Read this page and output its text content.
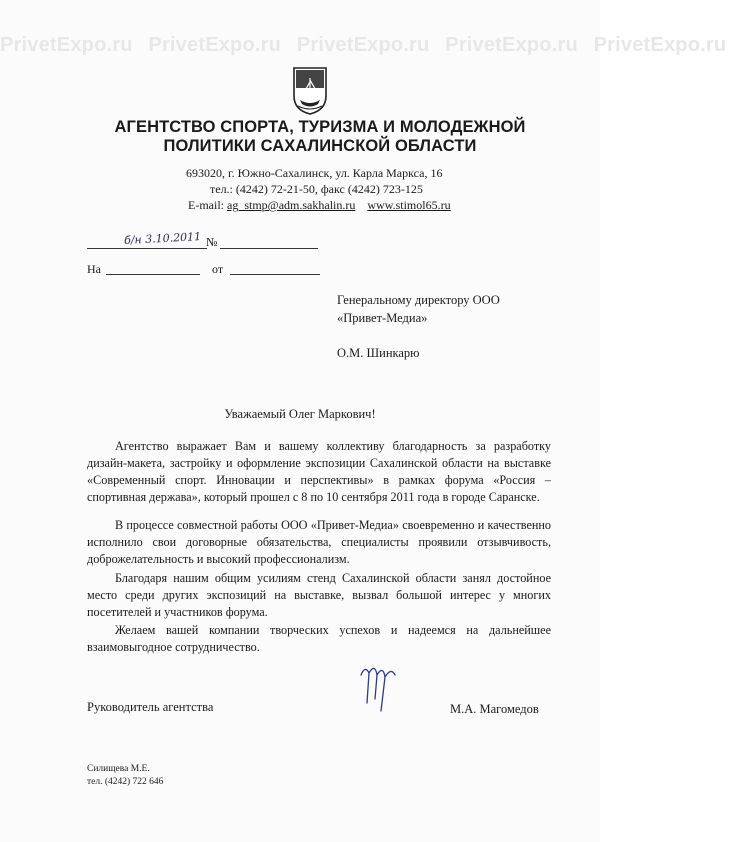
PrivetExpo.ru PrivetExpo.ru PrivetExpo.ru PrivetExpo.ru PrivetExpo.ru
АГЕНТСТВО СПОРТА, ТУРИЗМА И МОЛОДЕЖНОЙ
ПОЛИТИКИ САХАЛИНСКОЙ ОБЛАСТИ
693020, г. Южно-Сахалинск, ул. Карла Маркса, 16
тел.: (4242) 72-21-50, факс (4242) 723-125
E-mail: ag_stmp@adm.sakhalin.ru www.stimol65.ru
б/н 3.10.2011 №
На	от
Генеральному директору ООО
«Привет-Медиа»
О.М. Шинкарю
Уважаемый Олег Маркович!

Агентство выражает Вам и вашему коллективу благодарность за разработку дизайн-макета, застройку и оформление экспозиции Сахалинской области на выставке «Современный спорт. Инновации и перспективы» в рамках форума «Россия – спортивная держава», который прошел с 8 по 10 сентября 2011 года в городе Саранске.

В процессе совместной работы ООО «Привет-Медиа» своевременно и качественно исполнило свои договорные обязательства, специалисты проявили отзывчивость, доброжелательность и высокий профессионализм.

Благодаря нашим общим усилиям стенд Сахалинской области занял достойное место среди других экспозиций на выставке, вызвал большой интерес у многих посетителей и участников форума.

Желаем вашей компании творческих успехов и надеемся на дальнейшее взаимовыгодное сотрудничество.

Руководитель агентства	М.А. Магомедов
Силищева М.Е.
тел. (4242) 722 646
